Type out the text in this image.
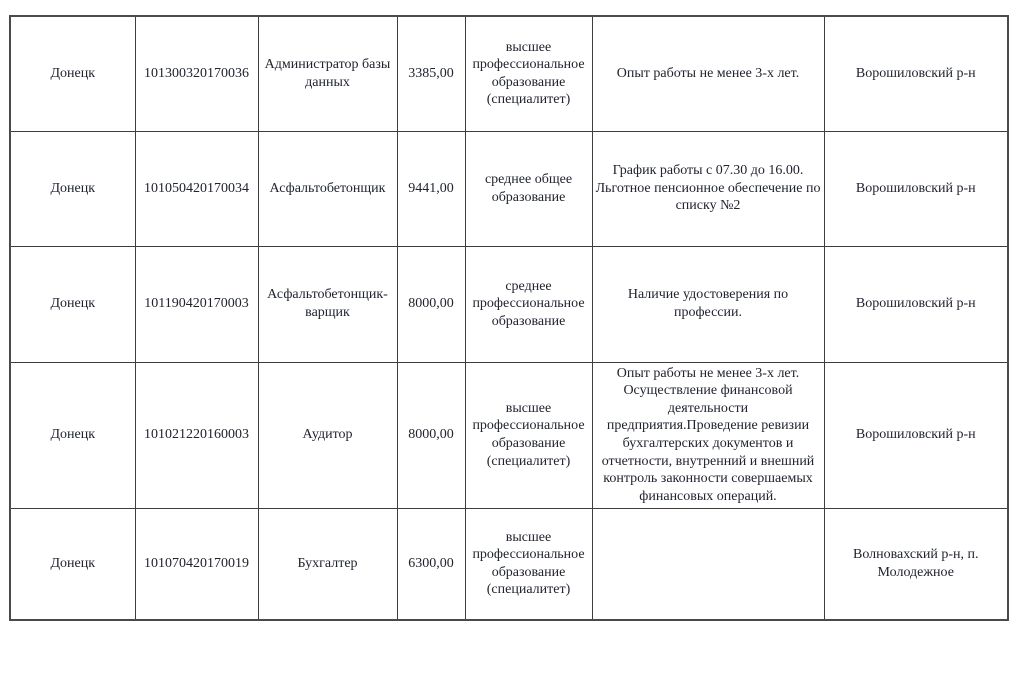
Донецк	101300320170036	Администратор базы данных	3385,00	высшее профессиональное образование (специалитет)	Опыт работы не менее 3-х лет.	Ворошиловский р-н
Донецк	101050420170034	Асфальтобетонщик	9441,00	среднее общее образование	График работы с 07.30 до 16.00. Льготное пенсионное обеспечение по списку №2	Ворошиловский р-н
Донецк	101190420170003	Асфальтобетонщик-варщик	8000,00	среднее профессиональное образование	Наличие удостоверения по профессии.	Ворошиловский р-н
Донецк	101021220160003	Аудитор	8000,00	высшее профессиональное образование (специалитет)	Опыт работы не менее 3-х лет. Осуществление финансовой деятельности предприятия.Проведение ревизии бухгалтерских документов и отчетности, внутренний и внешний контроль законности совершаемых финансовых операций.	Ворошиловский р-н
Донецк	101070420170019	Бухгалтер	6300,00	высшее профессиональное образование (специалитет)		Волновахский р-н, п. Молодежное
